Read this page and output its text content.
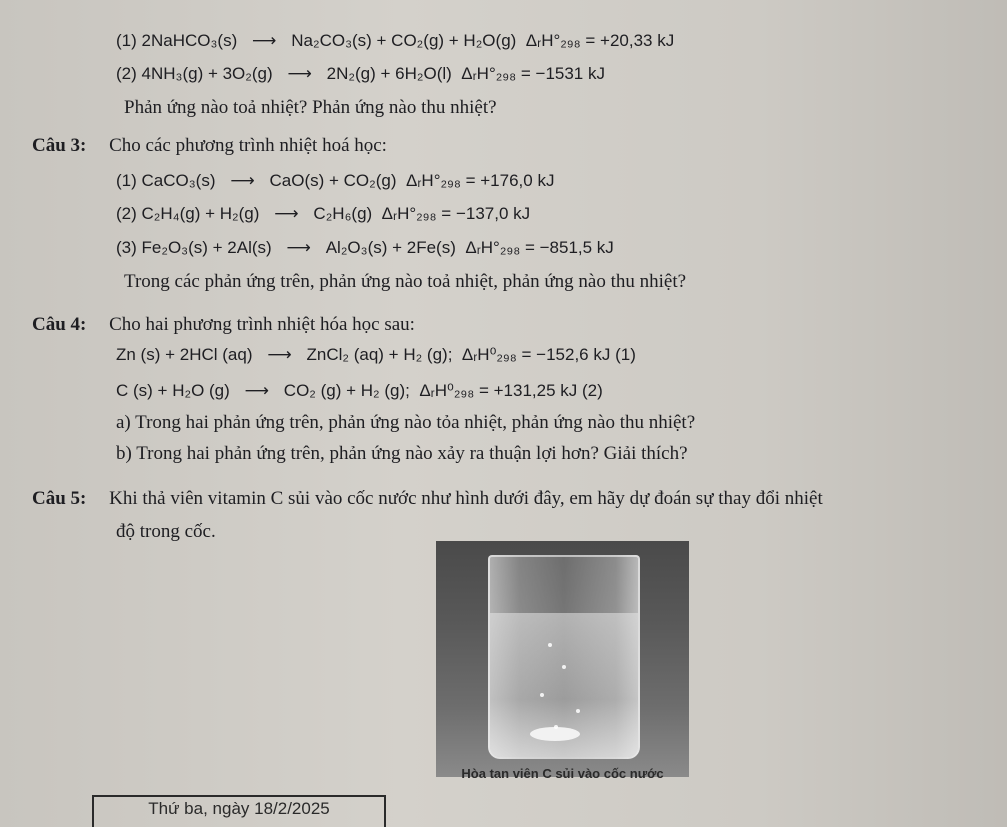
(1) 2NaHCO₃(s) ⟶ Na₂CO₃(s) + CO₂(g) + H₂O(g) ΔᵣH°₂₉₈ = +20,33 kJ
(2) 4NH₃(g) + 3O₂(g) ⟶ 2N₂(g) + 6H₂O(l) ΔᵣH°₂₉₈ = −1531 kJ
Phản ứng nào toả nhiệt? Phản ứng nào thu nhiệt?
Câu 3: Cho các phương trình nhiệt hoá học:
(1) CaCO₃(s) ⟶ CaO(s) + CO₂(g) ΔᵣH°₂₉₈ = +176,0 kJ
(2) C₂H₄(g) + H₂(g) ⟶ C₂H₆(g) ΔᵣH°₂₉₈ = −137,0 kJ
(3) Fe₂O₃(s) + 2Al(s) ⟶ Al₂O₃(s) + 2Fe(s) ΔᵣH°₂₉₈ = −851,5 kJ
Trong các phản ứng trên, phản ứng nào toả nhiệt, phản ứng nào thu nhiệt?
Câu 4: Cho hai phương trình nhiệt hóa học sau:
Zn (s) + 2HCl (aq) ⟶ ZnCl₂ (aq) + H₂ (g); ΔᵣH⁰₂₉₈ = −152,6 kJ (1)
C (s) + H₂O (g) ⟶ CO₂ (g) + H₂ (g); ΔᵣH⁰₂₉₈ = +131,25 kJ (2)
a) Trong hai phản ứng trên, phản ứng nào tỏa nhiệt, phản ứng nào thu nhiệt?
b) Trong hai phản ứng trên, phản ứng nào xảy ra thuận lợi hơn? Giải thích?
Câu 5: Khi thả viên vitamin C sủi vào cốc nước như hình dưới đây, em hãy dự đoán sự thay đổi nhiệt
độ trong cốc.
Hòa tan viên C sủi vào cốc nước
Thứ ba, ngày 18/2/2025
